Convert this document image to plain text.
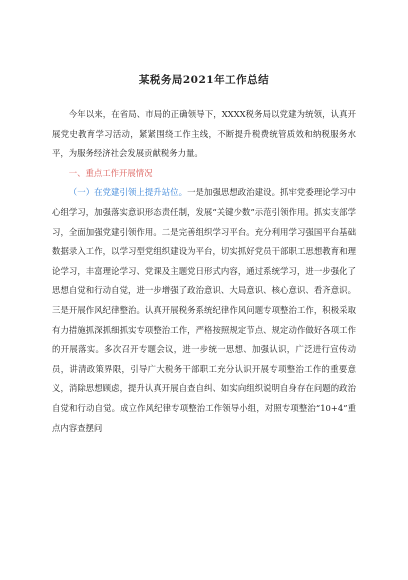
某税务局2021年工作总结

今年以来，在省局、市局的正确领导下，XXXX税务局以党建为统领，认真开展党史教育学习活动，紧紧围绕工作主线，不断提升税费统管质效和纳税服务水平，为服务经济社会发展贡献税务力量。

一、重点工作开展情况

（一）在党建引领上提升站位。一是加强思想政治建设。抓牢党委理论学习中心组学习，加强落实意识形态责任制，发展“关键少数”示范引领作用。抓实支部学习，全面加强党建引领作用。二是完善组织学习平台。充分利用学习强国平台基础数据录入工作，以学习型党组织建设为平台，切实抓好党员干部职工思想教育和理论学习，丰富理论学习、党课及主题党日形式内容，通过系统学习，进一步强化了思想自觉和行动自觉，进一步增强了政治意识、大局意识、核心意识、看齐意识。三是开展作风纪律整治。认真开展税务系统纪律作风问题专项整治工作，积极采取有力措施抓深抓细抓实专项整治工作，严格按照规定节点、规定动作做好各项工作的开展落实。多次召开专题会议，进一步统一思想、加强认识，广泛进行宣传动员，讲清政策界限，引导广大税务干部职工充分认识开展专项整治工作的重要意义，消除思想顾虑，提升认真开展自查自纠、如实向组织说明自身存在问题的政治自觉和行动自觉。成立作风纪律专项整治工作领导小组，对照专项整治“10+4”重点内容查摆问
